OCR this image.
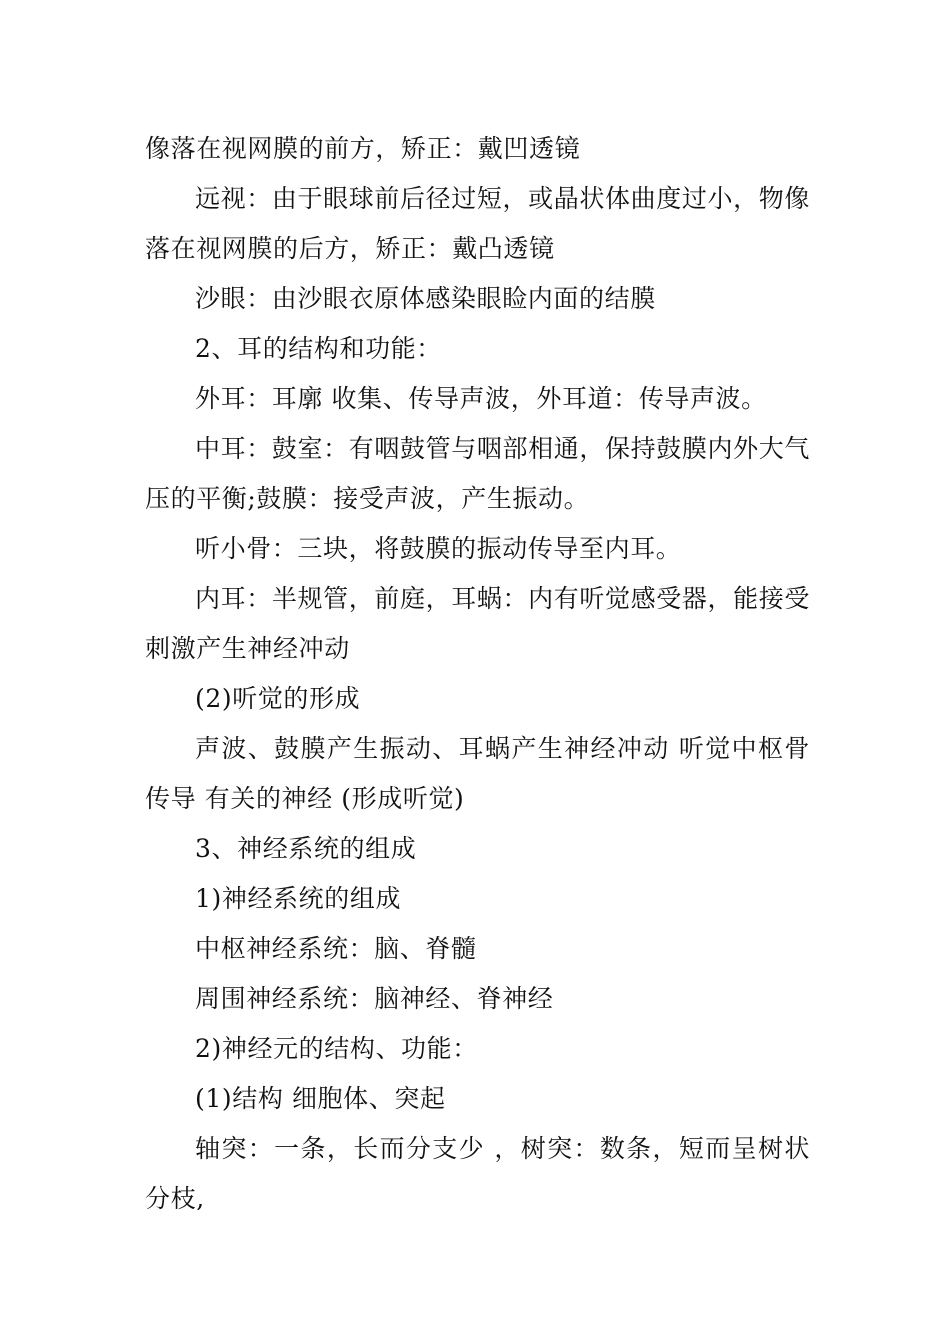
像落在视网膜的前方，矫正：戴凹透镜

远视：由于眼球前后径过短，或晶状体曲度过小，物像落在视网膜的后方，矫正：戴凸透镜

沙眼：由沙眼衣原体感染眼睑内面的结膜

2、耳的结构和功能：

外耳：耳廓 收集、传导声波，外耳道：传导声波。

中耳：鼓室：有咽鼓管与咽部相通，保持鼓膜内外大气压的平衡;鼓膜：接受声波，产生振动。

听小骨：三块，将鼓膜的振动传导至内耳。

内耳：半规管，前庭，耳蜗：内有听觉感受器，能接受刺激产生神经冲动

(2)听觉的形成

声波、鼓膜产生振动、耳蜗产生神经冲动 听觉中枢骨传导 有关的神经 (形成听觉)

3、神经系统的组成

1)神经系统的组成

中枢神经系统：脑、脊髓

周围神经系统：脑神经、脊神经

2)神经元的结构、功能：

(1)结构 细胞体、突起

轴突：一条，长而分支少 ，树突：数条，短而呈树状分枝,
